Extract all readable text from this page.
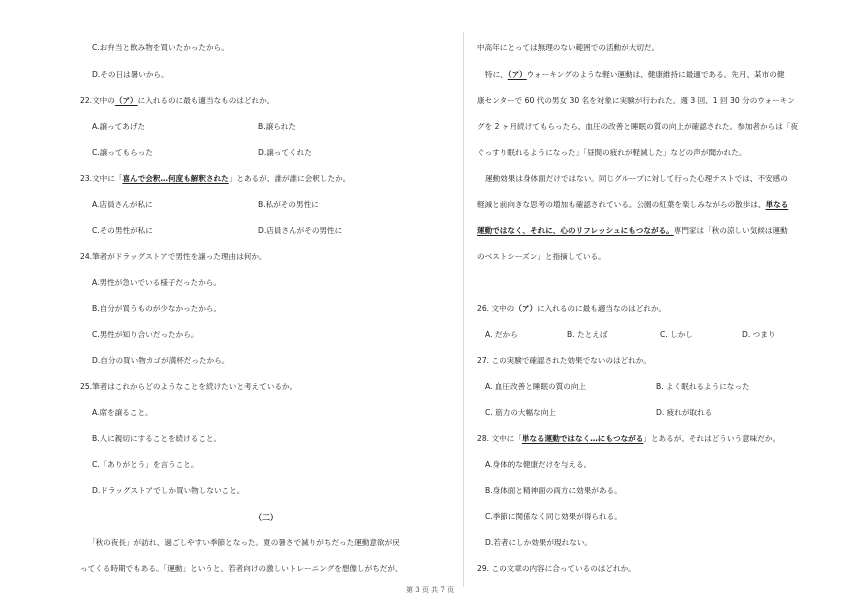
C.お弁当と飲み物を買いたかったから。
D.その日は暑いから。
22.文中の（ア）に入れるのに最も適当なものはどれか。
A.譲ってあげた	B.譲られた
C.譲ってもらった	D.譲ってくれた
23.文中に「喜んで会釈…何度も解釈された」とあるが、誰が誰に会釈したか。
A.店員さんが私に	B.私がその男性に
C.その男性が私に	D.店員さんがその男性に
24.筆者がドラッグストアで男性を譲った理由は何か。
A.男性が急いでいる様子だったから。
B.自分が買うものが少なかったから。
C.男性が知り合いだったから。
D.自分の買い物カゴが満杯だったから。
25.筆者はこれからどのようなことを続けたいと考えているか。
A.席を譲ること。
B.人に親切にすることを続けること。
C.「ありがとう」を言うこと。
D.ドラッグストアでしか買い物しないこと。
（二）
「秋の夜長」が訪れ、過ごしやすい季節となった。夏の暑さで減りがちだった運動意欲が戻
ってくる時期でもある。「運動」というと、若者向けの激しいトレーニングを想像しがちだが、
中高年にとっては無理のない範囲での活動が大切だ。
特に、（ア）ウォーキングのような軽い運動は、健康維持に最適である。先月、某市の健
康センターで 60 代の男女 30 名を対象に実験が行われた。週 3 回、1 回 30 分のウォーキン
グを 2 ヶ月続けてもらったら、血圧の改善と睡眠の質の向上が確認された。参加者からは「夜
ぐっすり眠れるようになった」「昼間の疲れが軽減した」などの声が聞かれた。
運動効果は身体面だけではない。同じグループに対して行った心理テストでは、不安感の
軽減と前向きな思考の増加も確認されている。公園の紅葉を楽しみながらの散歩は、単なる
運動ではなく、それに、心のリフレッシュにもつながる。専門家は「秋の涼しい気候は運動
のベストシーズン」と指摘している。
26. 文中の（ア）に入れるのに最も適当なのはどれか。
A. だから	B. たとえば	C. しかし	D. つまり
27. この実験で確認された効果でないのはどれか。
A. 血圧改善と睡眠の質の向上	B. よく眠れるようになった
C. 筋力の大幅な向上	D. 疲れが取れる
28. 文中に「単なる運動ではなく…にもつながる」とあるが、それはどういう意味だか。
A.身体的な健康だけを与える。
B.身体面と精神面の両方に効果がある。
C.季節に関係なく同じ効果が得られる。
D.若者にしか効果が現れない。
29. この文章の内容に合っているのはどれか。
第 3 页 共 7 页
